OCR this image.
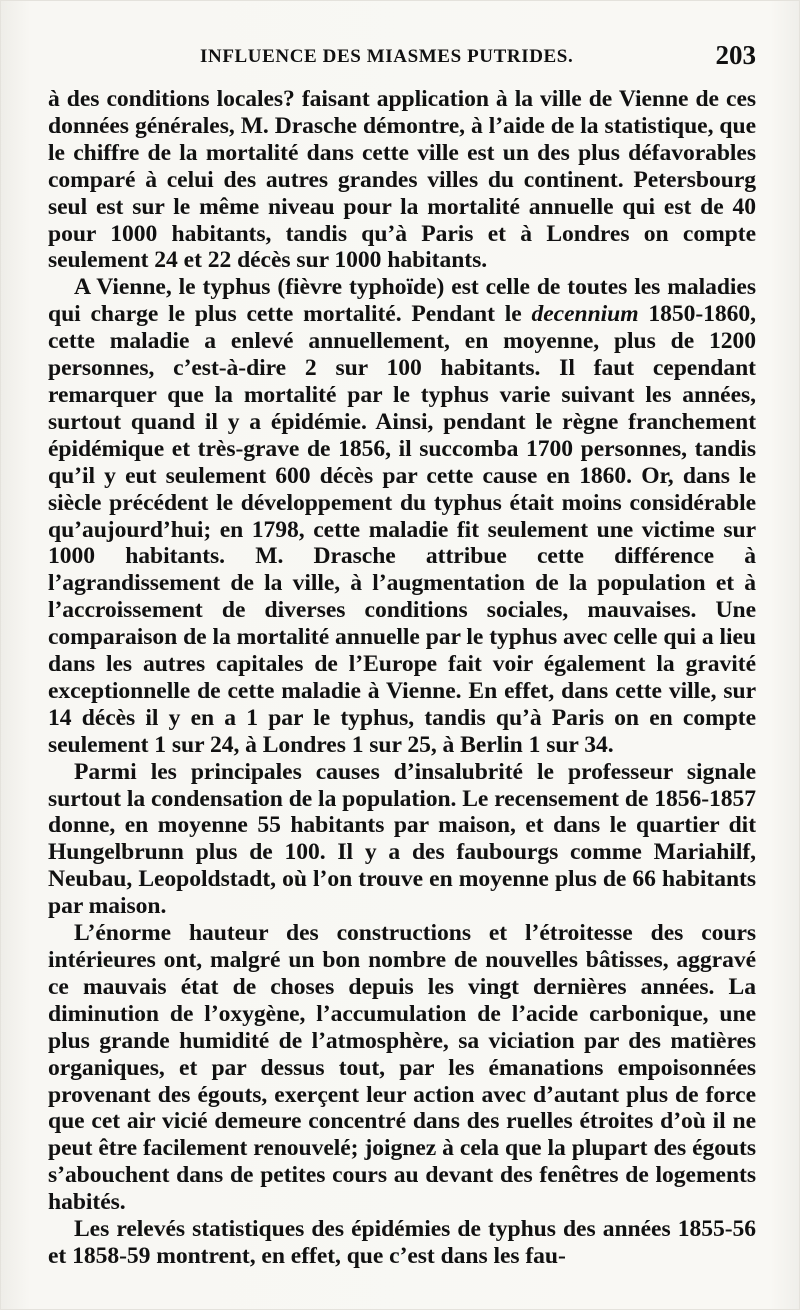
INFLUENCE DES MIASMES PUTRIDES.	203

à des conditions locales? faisant application à la ville de Vienne de ces données générales, M. Drasche démontre, à l’aide de la statistique, que le chiffre de la mortalité dans cette ville est un des plus défavorables comparé à celui des autres grandes villes du continent. Petersbourg seul est sur le même niveau pour la mortalité annuelle qui est de 40 pour 1000 habitants, tandis qu’à Paris et à Londres on compte seulement 24 et 22 décès sur 1000 habitants.

A Vienne, le typhus (fièvre typhoïde) est celle de toutes les maladies qui charge le plus cette mortalité. Pendant le decennium 1850-1860, cette maladie a enlevé annuellement, en moyenne, plus de 1200 personnes, c’est-à-dire 2 sur 100 habitants. Il faut cependant remarquer que la mortalité par le typhus varie suivant les années, surtout quand il y a épidémie. Ainsi, pendant le règne franchement épidémique et très-grave de 1856, il succomba 1700 personnes, tandis qu’il y eut seulement 600 décès par cette cause en 1860. Or, dans le siècle précédent le développement du typhus était moins considérable qu’aujourd’hui; en 1798, cette maladie fit seulement une victime sur 1000 habitants. M. Drasche attribue cette différence à l’agrandissement de la ville, à l’augmentation de la population et à l’accroissement de diverses conditions sociales, mauvaises. Une comparaison de la mortalité annuelle par le typhus avec celle qui a lieu dans les autres capitales de l’Europe fait voir également la gravité exceptionnelle de cette maladie à Vienne. En effet, dans cette ville, sur 14 décès il y en a 1 par le typhus, tandis qu’à Paris on en compte seulement 1 sur 24, à Londres 1 sur 25, à Berlin 1 sur 34.

Parmi les principales causes d’insalubrité le professeur signale surtout la condensation de la population. Le recensement de 1856-1857 donne, en moyenne 55 habitants par maison, et dans le quartier dit Hungelbrunn plus de 100. Il y a des faubourgs comme Mariahilf, Neubau, Leopoldstadt, où l’on trouve en moyenne plus de 66 habitants par maison.

L’énorme hauteur des constructions et l’étroitesse des cours intérieures ont, malgré un bon nombre de nouvelles bâtisses, aggravé ce mauvais état de choses depuis les vingt dernières années. La diminution de l’oxygène, l’accumulation de l’acide carbonique, une plus grande humidité de l’atmosphère, sa viciation par des matières organiques, et par dessus tout, par les émanations empoisonnées provenant des égouts, exerçent leur action avec d’autant plus de force que cet air vicié demeure concentré dans des ruelles étroites d’où il ne peut être facilement renouvelé; joignez à cela que la plupart des égouts s’abouchent dans de petites cours au devant des fenêtres de logements habités.

Les relevés statistiques des épidémies de typhus des années 1855-56 et 1858-59 montrent, en effet, que c’est dans les fau-
